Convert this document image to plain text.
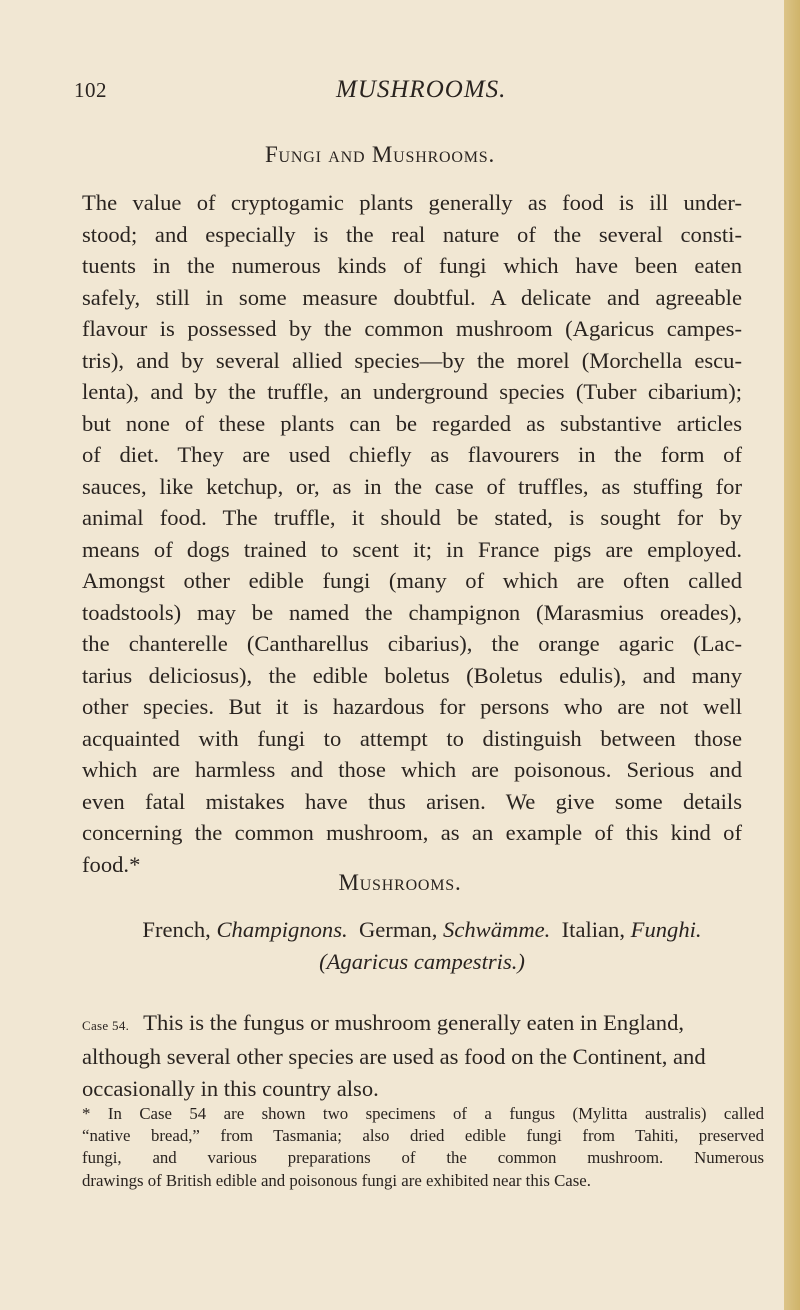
102	MUSHROOMS.
Fungi and Mushrooms.
The value of cryptogamic plants generally as food is ill under-
stood; and especially is the real nature of the several consti-
tuents in the numerous kinds of fungi which have been eaten
safely, still in some measure doubtful. A delicate and agreeable
flavour is possessed by the common mushroom (Agaricus campes-
tris), and by several allied species—by the morel (Morchella escu-
lenta), and by the truffle, an underground species (Tuber cibarium);
but none of these plants can be regarded as substantive articles
of diet. They are used chiefly as flavourers in the form of
sauces, like ketchup, or, as in the case of truffles, as stuffing for
animal food. The truffle, it should be stated, is sought for by
means of dogs trained to scent it; in France pigs are employed.
Amongst other edible fungi (many of which are often called
toadstools) may be named the champignon (Marasmius oreades),
the chanterelle (Cantharellus cibarius), the orange agaric (Lac-
tarius deliciosus), the edible boletus (Boletus edulis), and many
other species. But it is hazardous for persons who are not well
acquainted with fungi to attempt to distinguish between those
which are harmless and those which are poisonous. Serious and
even fatal mistakes have thus arisen. We give some details
concerning the common mushroom, as an example of this kind of
food.*
Mushrooms.
French, Champignons. German, Schwämme. Italian, Funghi.
(Agaricus campestris.)

Case 54. This is the fungus or mushroom generally eaten in England, although several other species are used as food on the Continent, and occasionally in this country also.

* In Case 54 are shown two specimens of a fungus (Mylitta australis) called
“native bread,” from Tasmania; also dried edible fungi from Tahiti, preserved
fungi, and various preparations of the common mushroom. Numerous
drawings of British edible and poisonous fungi are exhibited near this Case.
